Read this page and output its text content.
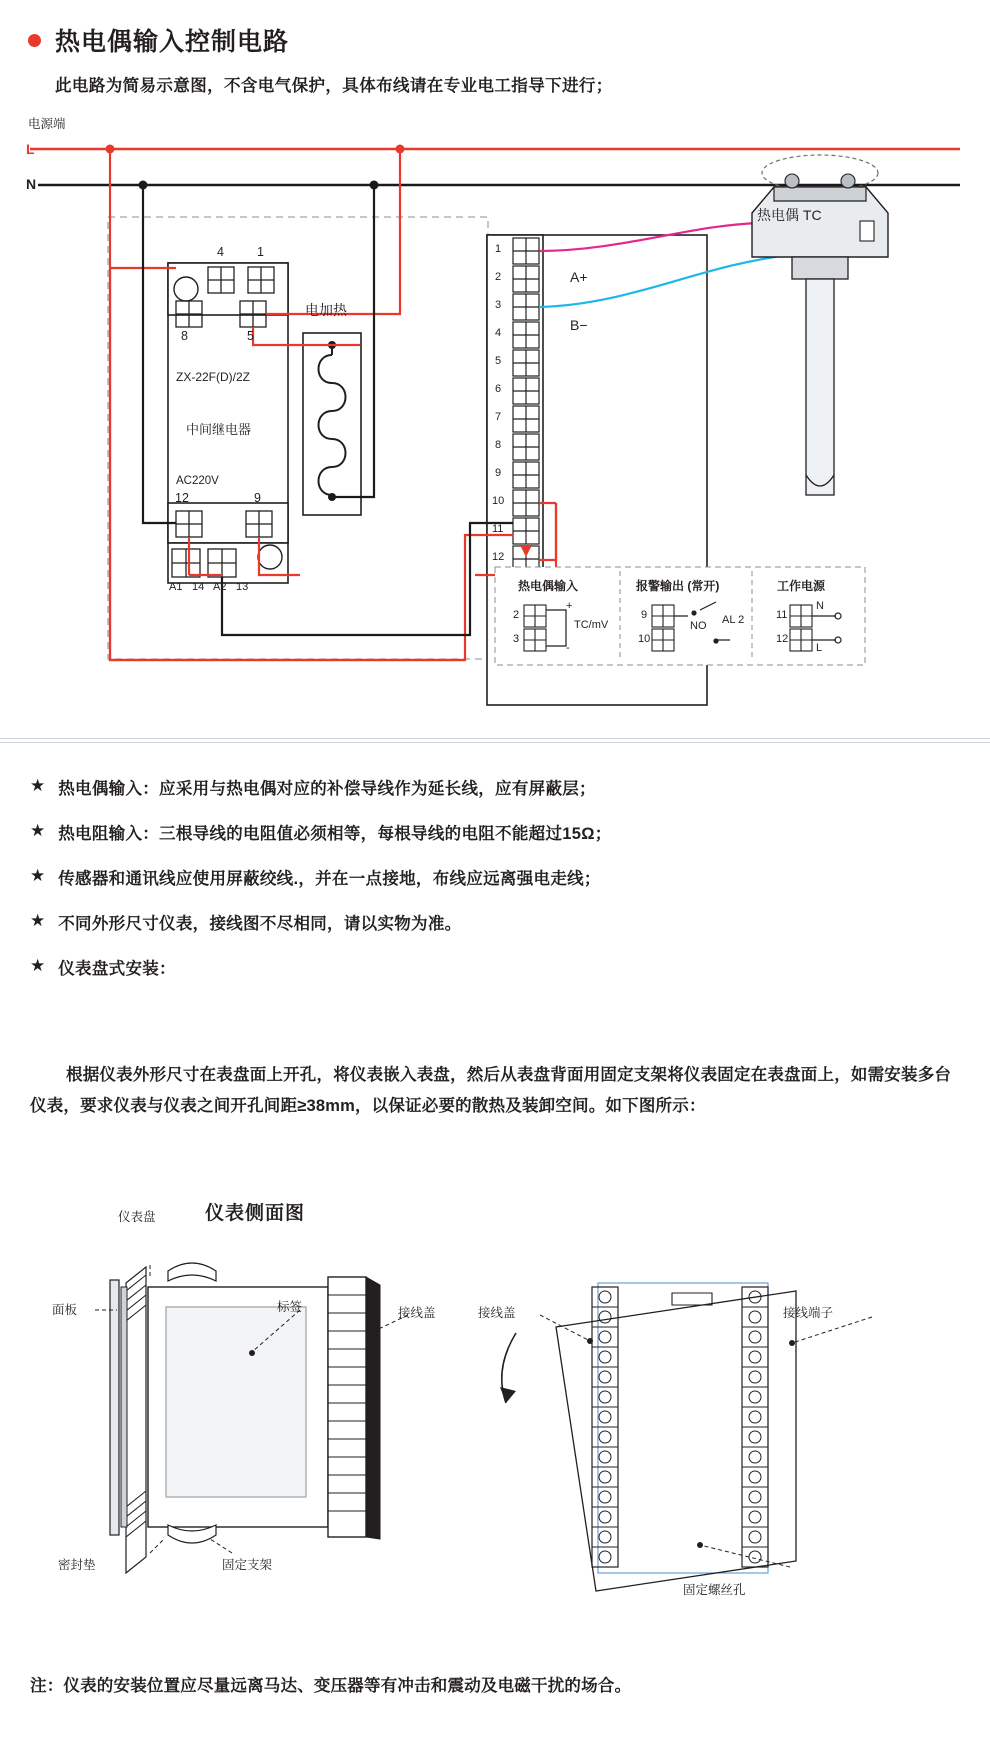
热电偶输入控制电路
此电路为简易示意图，不含电气保护，具体布线请在专业电工指导下进行；
电源端
L
N
4	1
8	5
12	9
A1 14 A2 13
ZX-22F(D)/2Z
中间继电器
AC220V
电加热
热电偶 TC
A+
B−
1
2
3
4
5
6
7
8
9
10
11
12
热电偶输入
2
3
+
-
TC/mV
报警输出 (常开)
9
10
NO AL 2
工作电源
11
12
N
L
★ 热电偶输入：应采用与热电偶对应的补偿导线作为延长线，应有屏蔽层；
★ 热电阻输入：三根导线的电阻值必须相等，每根导线的电阻不能超过15Ω；
★ 传感器和通讯线应使用屏蔽绞线.，并在一点接地，布线应远离强电走线；
★ 不同外形尺寸仪表，接线图不尽相同，请以实物为准。
★ 仪表盘式安装：
根据仪表外形尺寸在表盘面上开孔，将仪表嵌入表盘，然后从表盘背面用固定支架将仪表固定在表盘面上，如需安装多台仪表，要求仪表与仪表之间开孔间距≥38mm，以保证必要的散热及装卸空间。如下图所示：
仪表侧面图
仪表盘
面板	标签	接线盖	接线盖	接线端子
密封垫	固定支架
固定螺丝孔
注：仪表的安装位置应尽量远离马达、变压器等有冲击和震动及电磁干扰的场合。
